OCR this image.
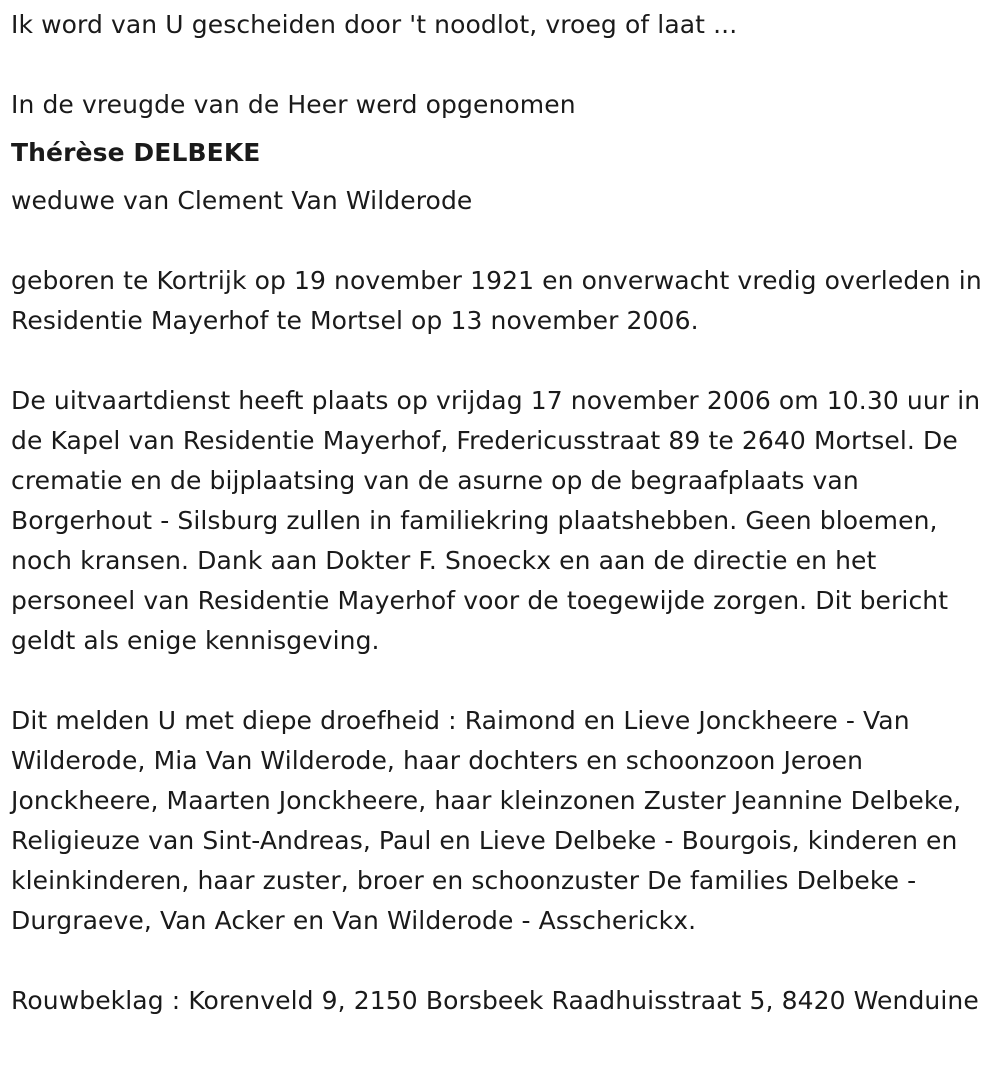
Ik word van U gescheiden door 't noodlot, vroeg of laat ...

In de vreugde van de Heer werd opgenomen

Thérèse DELBEKE

weduwe van Clement Van Wilderode

geboren te Kortrijk op 19 november 1921 en onverwacht vredig overleden in Residentie Mayerhof te Mortsel op 13 november 2006.

De uitvaartdienst heeft plaats op vrijdag 17 november 2006 om 10.30 uur in de Kapel van Residentie Mayerhof, Fredericusstraat 89 te 2640 Mortsel. De crematie en de bijplaatsing van de asurne op de begraafplaats van Borgerhout - Silsburg zullen in familiekring plaatshebben. Geen bloemen, noch kransen. Dank aan Dokter F. Snoeckx en aan de directie en het personeel van Residentie Mayerhof voor de toegewijde zorgen. Dit bericht geldt als enige kennisgeving.

Dit melden U met diepe droefheid : Raimond en Lieve Jonckheere - Van Wilderode, Mia Van Wilderode, haar dochters en schoonzoon Jeroen Jonckheere, Maarten Jonckheere, haar kleinzonen Zuster Jeannine Delbeke, Religieuze van Sint-Andreas, Paul en Lieve Delbeke - Bourgois, kinderen en kleinkinderen, haar zuster, broer en schoonzuster De families Delbeke - Durgraeve, Van Acker en Van Wilderode - Asscherickx.

Rouwbeklag : Korenveld 9, 2150 Borsbeek Raadhuisstraat 5, 8420 Wenduine
